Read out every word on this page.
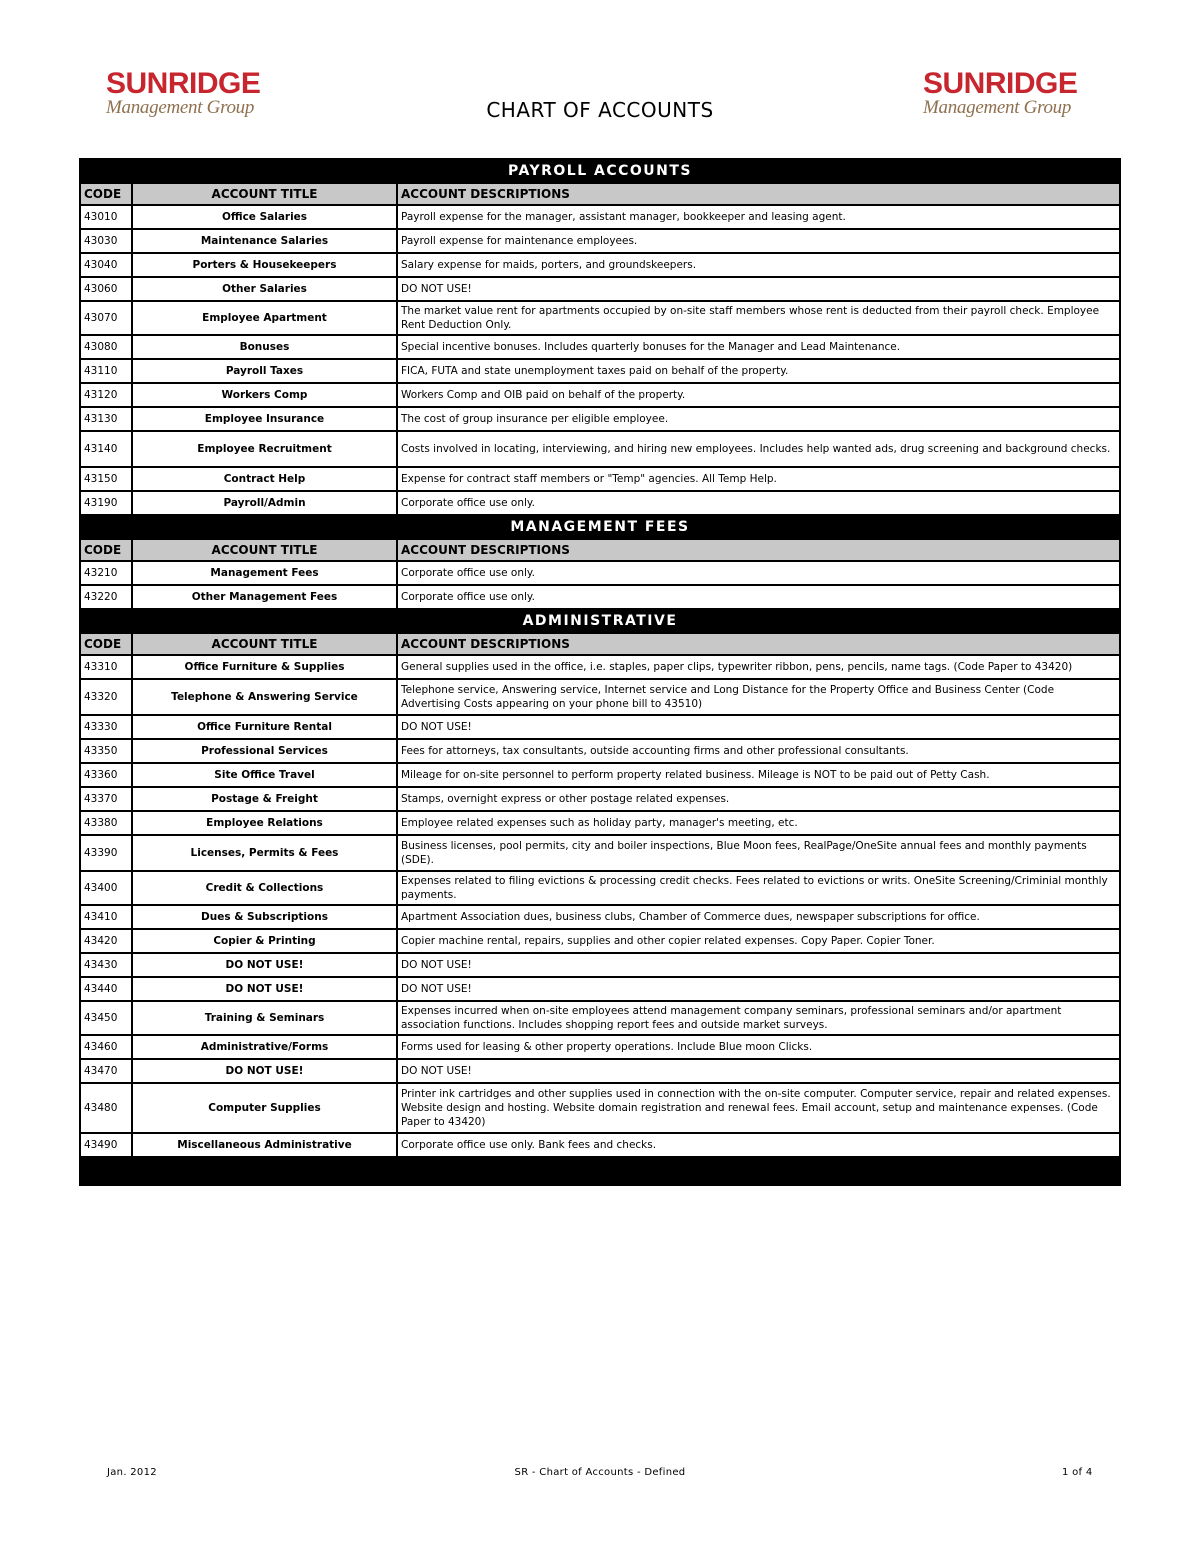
SUNRIDGE
Management Group	CHART OF ACCOUNTS
SUNRIDGE
Management Group
PAYROLL ACCOUNTS		
CODE	ACCOUNT TITLE	ACCOUNT DESCRIPTIONS
43010	Office Salaries	Payroll expense for the manager, assistant manager, bookkeeper and leasing agent.
43030	Maintenance Salaries	Payroll expense for maintenance employees.
43040	Porters & Housekeepers	Salary expense for maids, porters, and groundskeepers.
43060	Other Salaries	DO NOT USE!
43070	Employee Apartment	The market value rent for apartments occupied by on-site staff members whose rent is deducted from their payroll check. Employee Rent Deduction Only.
43080	Bonuses	Special incentive bonuses. Includes quarterly bonuses for the Manager and Lead Maintenance.
43110	Payroll Taxes	FICA, FUTA and state unemployment taxes paid on behalf of the property.
43120	Workers Comp	Workers Comp and OIB paid on behalf of the property.
43130	Employee Insurance	The cost of group insurance per eligible employee.
43140	Employee Recruitment	Costs involved in locating, interviewing, and hiring new employees. Includes help wanted ads, drug screening and background checks.
43150	Contract Help	Expense for contract staff members or "Temp" agencies. All Temp Help.
43190	Payroll/Admin	Corporate office use only.
MANAGEMENT FEES		
CODE	ACCOUNT TITLE	ACCOUNT DESCRIPTIONS
43210	Management Fees	Corporate office use only.
43220	Other Management Fees	Corporate office use only.
ADMINISTRATIVE		
CODE	ACCOUNT TITLE	ACCOUNT DESCRIPTIONS
43310	Office Furniture & Supplies	General supplies used in the office, i.e. staples, paper clips, typewriter ribbon, pens, pencils, name tags. (Code Paper to 43420)
43320	Telephone & Answering Service	Telephone service, Answering service, Internet service and Long Distance for the Property Office and Business Center (Code Advertising Costs appearing on your phone bill to 43510)
43330	Office Furniture Rental	DO NOT USE!
43350	Professional Services	Fees for attorneys, tax consultants, outside accounting firms and other professional consultants.
43360	Site Office Travel	Mileage for on-site personnel to perform property related business. Mileage is NOT to be paid out of Petty Cash.
43370	Postage & Freight	Stamps, overnight express or other postage related expenses.
43380	Employee Relations	Employee related expenses such as holiday party, manager's meeting, etc.
43390	Licenses, Permits & Fees	Business licenses, pool permits, city and boiler inspections, Blue Moon fees, RealPage/OneSite annual fees and monthly payments (SDE).
43400	Credit & Collections	Expenses related to filing evictions & processing credit checks. Fees related to evictions or writs. OneSite Screening/Criminial monthly payments.
43410	Dues & Subscriptions	Apartment Association dues, business clubs, Chamber of Commerce dues, newspaper subscriptions for office.
43420	Copier & Printing	Copier machine rental, repairs, supplies and other copier related expenses. Copy Paper. Copier Toner.
43430	DO NOT USE!	DO NOT USE!
43440	DO NOT USE!	DO NOT USE!
43450	Training & Seminars	Expenses incurred when on-site employees attend management company seminars, professional seminars and/or apartment association functions. Includes shopping report fees and outside market surveys.
43460	Administrative/Forms	Forms used for leasing & other property operations. Include Blue moon Clicks.
43470	DO NOT USE!	DO NOT USE!
43480	Computer Supplies	Printer ink cartridges and other supplies used in connection with the on-site computer. Computer service, repair and related expenses. Website design and hosting. Website domain registration and renewal fees. Email account, setup and maintenance expenses. (Code Paper to 43420)
43490	Miscellaneous Administrative	Corporate office use only. Bank fees and checks.

Jan. 2012	SR - Chart of Accounts - Defined	1 of 4
